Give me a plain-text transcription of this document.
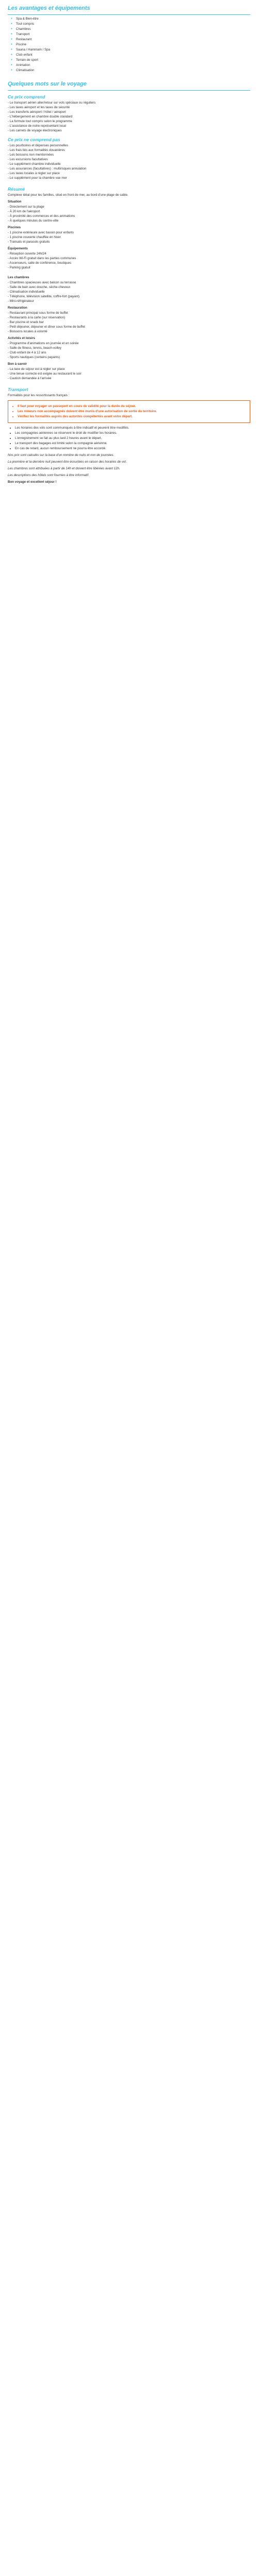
Les avantages et équipements
● Spa & Bien-être
● Tout compris
● Chambres
● Transport
● Restaurant
● Piscine
● Sauna / Hammam / Spa
● Club enfant
● Terrain de sport
● Animation
● Climatisation
Quelques mots sur le voyage
Ce prix comprend
- Le transport aérien aller/retour sur vols spéciaux ou réguliers
- Les taxes aéroport et les taxes de sécurité
- Les transferts aéroport / hôtel / aéroport
- L'hébergement en chambre double standard
- La formule tout compris selon le programme
- L'assistance de notre représentant local
- Les carnets de voyage électroniques
Ce prix ne comprend pas
- Les pourboires et dépenses personnelles
- Les frais liés aux formalités douanières
- Les boissons non mentionnées
- Les excursions facultatives
- Le supplément chambre individuelle
- Les assurances (facultatives) : multirisques annulation
- Les taxes locales à régler sur place
- Le supplément pour la chambre vue mer
Résumé

Complexe idéal pour les familles, situé en front de mer, au bord d'une plage de sable.

Situation
- Directement sur la plage
- À 20 km de l'aéroport
- À proximité des commerces et des animations
- À quelques minutes du centre-ville
Piscines
- 1 piscine extérieure avec bassin pour enfants
- 1 piscine couverte chauffée en hiver
- Transats et parasols gratuits
Équipements
- Réception ouverte 24h/24
- Accès Wi-Fi gratuit dans les parties communes
- Ascenseurs, salle de conférence, boutiques
- Parking gratuit
Les chambres
- Chambres spacieuses avec balcon ou terrasse
- Salle de bain avec douche, sèche-cheveux
- Climatisation individuelle
- Téléphone, télévision satellite, coffre-fort (payant)
- Mini-réfrigérateur
Restauration
- Restaurant principal sous forme de buffet
- Restaurants à la carte (sur réservation)
- Bar piscine et snack bar
- Petit déjeuner, déjeuner et dîner sous forme de buffet
- Boissons locales à volonté
Activités et loisirs
- Programme d'animations en journée et en soirée
- Salle de fitness, tennis, beach-volley
- Club enfant de 4 à 12 ans
- Sports nautiques (certains payants)
Bon à savoir
- La taxe de séjour est à régler sur place
- Une tenue correcte est exigée au restaurant le soir
- Caution demandée à l'arrivée
Transport

Formalités pour les ressortissants français :

• Il faut pour voyager un passeport en cours de validité pour la durée du séjour.
• Les mineurs non accompagnés doivent être munis d'une autorisation de sortie du territoire.
• Vérifiez les formalités auprès des autorités compétentes avant votre départ.
• Les horaires des vols sont communiqués à titre indicatif et peuvent être modifiés.
• Les compagnies aériennes se réservent le droit de modifier les horaires.
• L'enregistrement se fait au plus tard 2 heures avant le départ.
• Le transport des bagages est limité selon la compagnie aérienne.
• En cas de retard, aucun remboursement ne pourra être accordé.

Nos prix sont calculés sur la base d'un nombre de nuits et non de journées.

La première et la dernière nuit peuvent être écourtées en raison des horaires de vol.

Les chambres sont attribuées à partir de 14h et doivent être libérées avant 12h.

Les descriptions des hôtels sont fournies à titre informatif.

Bon voyage et excellent séjour !
